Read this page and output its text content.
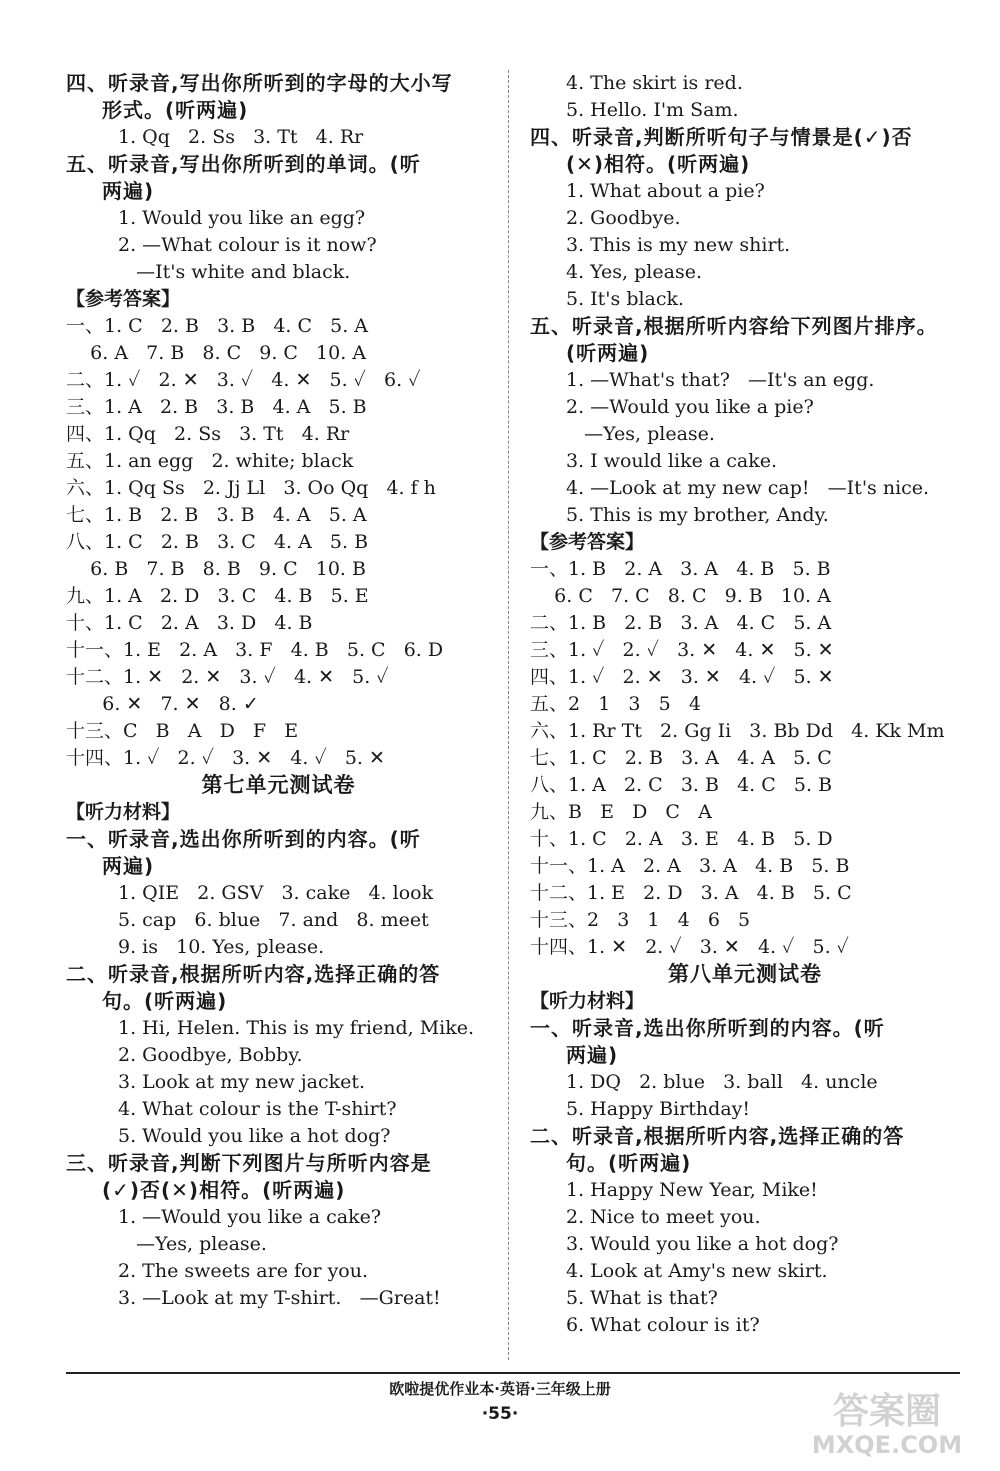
四、听录音,写出你所听到的字母的大小写
形式。(听两遍)
1. Qq   2. Ss   3. Tt   4. Rr
五、听录音,写出你所听到的单词。(听
两遍)
1. Would you like an egg?
2. —What colour is it now?
—It's white and black.
【参考答案】
一、1. C   2. B   3. B   4. C   5. A
6. A   7. B   8. C   9. C   10. A
二、1. ✓   2. ✕   3. ✓   4. ✕   5. ✓   6. ✓
三、1. A   2. B   3. B   4. A   5. B
四、1. Qq   2. Ss   3. Tt   4. Rr
五、1. an egg   2. white; black
六、1. Qq Ss   2. Jj Ll   3. Oo Qq   4. f h
七、1. B   2. B   3. B   4. A   5. A
八、1. C   2. B   3. C   4. A   5. B
6. B   7. B   8. B   9. C   10. B
九、1. A   2. D   3. C   4. B   5. E
十、1. C   2. A   3. D   4. B
十一、1. E   2. A   3. F   4. B   5. C   6. D
十二、1. ✕   2. ✕   3. ✓   4. ✕   5. ✓
6. ✕   7. ✕   8. ✓
十三、C   B   A   D   F   E
十四、1. ✓   2. ✓   3. ✕   4. ✓   5. ✕
第七单元测试卷
【听力材料】
一、听录音,选出你所听到的内容。(听
两遍)
1. QIE   2. GSV   3. cake   4. look
5. cap   6. blue   7. and   8. meet
9. is   10. Yes, please.
二、听录音,根据所听内容,选择正确的答
句。(听两遍)
1. Hi, Helen. This is my friend, Mike.
2. Goodbye, Bobby.
3. Look at my new jacket.
4. What colour is the T-shirt?
5. Would you like a hot dog?
三、听录音,判断下列图片与所听内容是
(✓)否(✕)相符。(听两遍)
1. —Would you like a cake?
—Yes, please.
2. The sweets are for you.
3. —Look at my T-shirt.   —Great!
4. The skirt is red.
5. Hello. I'm Sam.
四、听录音,判断所听句子与情景是(✓)否
(✕)相符。(听两遍)
1. What about a pie?
2. Goodbye.
3. This is my new shirt.
4. Yes, please.
5. It's black.
五、听录音,根据所听内容给下列图片排序。
(听两遍)
1. —What's that?   —It's an egg.
2. —Would you like a pie?
—Yes, please.
3. I would like a cake.
4. —Look at my new cap!   —It's nice.
5. This is my brother, Andy.
【参考答案】
一、1. B   2. A   3. A   4. B   5. B
6. C   7. C   8. C   9. B   10. A
二、1. B   2. B   3. A   4. C   5. A
三、1. ✓   2. ✓   3. ✕   4. ✕   5. ✕
四、1. ✓   2. ✕   3. ✕   4. ✓   5. ✕
五、2   1   3   5   4
六、1. Rr Tt   2. Gg Ii   3. Bb Dd   4. Kk Mm
七、1. C   2. B   3. A   4. A   5. C
八、1. A   2. C   3. B   4. C   5. B
九、B   E   D   C   A
十、1. C   2. A   3. E   4. B   5. D
十一、1. A   2. A   3. A   4. B   5. B
十二、1. E   2. D   3. A   4. B   5. C
十三、2   3   1   4   6   5
十四、1. ✕   2. ✓   3. ✕   4. ✓   5. ✓
第八单元测试卷
【听力材料】
一、听录音,选出你所听到的内容。(听
两遍)
1. DQ   2. blue   3. ball   4. uncle
5. Happy Birthday!
二、听录音,根据所听内容,选择正确的答
句。(听两遍)
1. Happy New Year, Mike!
2. Nice to meet you.
3. Would you like a hot dog?
4. Look at Amy's new skirt.
5. What is that?
6. What colour is it?
欧啦提优作业本·英语·三年级上册
·55·	答案圈
MXQE.COM
